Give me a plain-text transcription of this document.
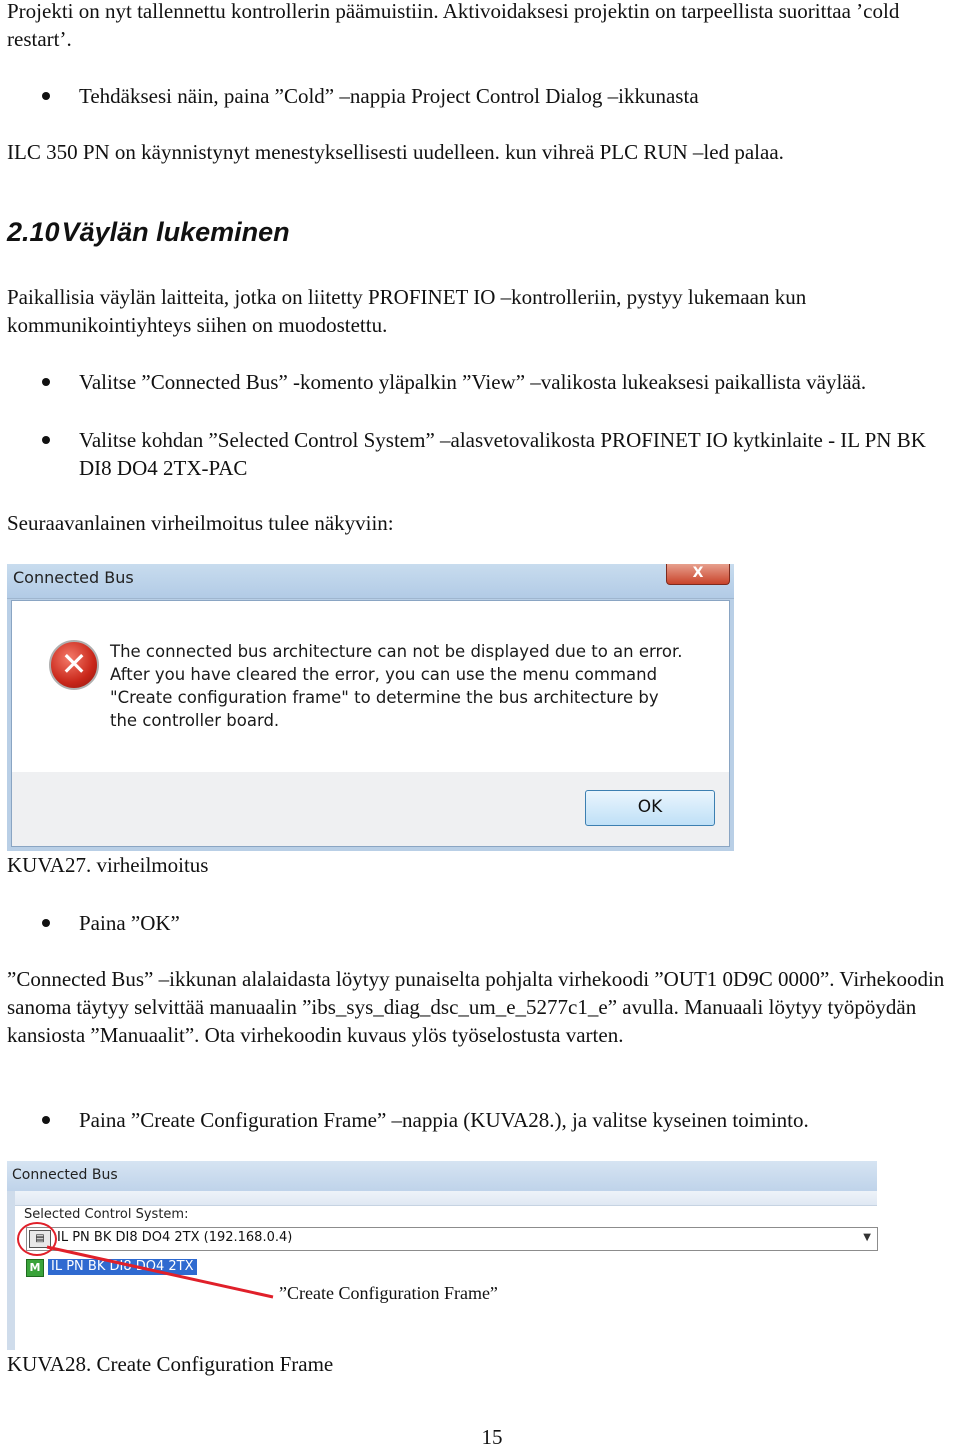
Projekti on nyt tallennettu kontrollerin päämuistiin. Aktivoidaksesi projektin on tarpeellista suorittaa ’cold restart’.

Tehdäksesi näin, paina ”Cold” –nappia Project Control Dialog –ikkunasta

ILC 350 PN on käynnistynyt menestyksellisesti uudelleen. kun vihreä PLC RUN –led palaa.

2.10Väylän lukeminen

Paikallisia väylän laitteita, jotka on liitetty PROFINET IO –kontrolleriin, pystyy lukemaan kun kommunikointiyhteys siihen on muodostettu.

Valitse ”Connected Bus” -komento yläpalkin ”View” –valikosta lukeaksesi paikallista väylää.
Valitse kohdan ”Selected Control System” –alasvetovalikosta PROFINET IO kytkinlaite - IL PN BK DI8 DO4 2TX-PAC

Seuraavanlainen virheilmoitus tulee näkyviin:

Connected Bus	X
✕	The connected bus architecture can not be displayed due to an error. After you have cleared the error, you can use the menu command "Create configuration frame" to determine the bus architecture by the controller board.
OK
KUVA27. virheilmoitus
Paina ”OK”

”Connected Bus” –ikkunan alalaidasta löytyy punaiselta pohjalta virhekoodi ”OUT1 0D9C 0000”. Virhekoodin sanoma täytyy selvittää manuaalin ”ibs_sys_diag_dsc_um_e_5277c1_e” avulla. Manuaali löytyy työpöydän kansiosta ”Manuaalit”. Ota virhekoodin kuvaus ylös työselostusta varten.

Paina ”Create Configuration Frame” –nappia (KUVA28.), ja valitse kyseinen toiminto.
Connected Bus
Selected Control System:
▤ IL PN BK DI8 DO4 2TX (192.168.0.4)	▼
M IL PN BK DI8 DO4 2TX
”Create Configuration Frame”
KUVA28. Create Configuration Frame
15
